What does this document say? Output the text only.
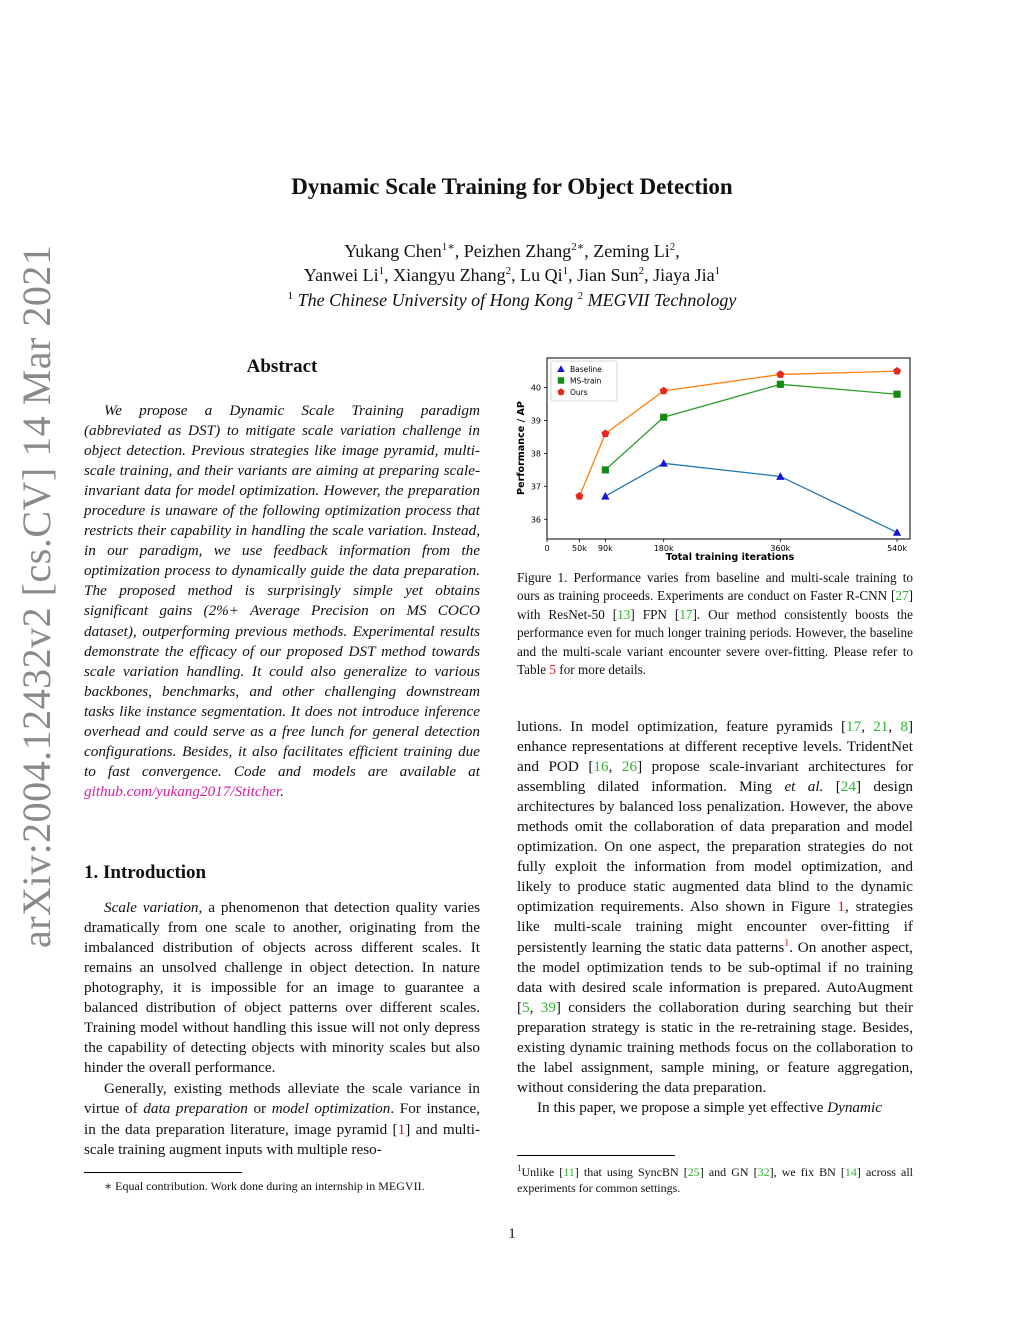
arXiv:2004.12432v2 [cs.CV] 14 Mar 2021
Dynamic Scale Training for Object Detection
Yukang Chen$^{1∗}$, Peizhen Zhang$^{2∗}$, Zeming Li$^2$,
Yanwei Li$^1$, Xiangyu Zhang$^2$, Lu Qi$^1$, Jian Sun$^2$, Jiaya Jia$^1$
$^1$ The Chinese University of Hong Kong $^2$ MEGVII Technology
Abstract

We propose a Dynamic Scale Training paradigm (abbreviated as DST) to mitigate scale variation challenge in object detection. Previous strategies like image pyramid, multi-scale training, and their variants are aiming at preparing scale-invariant data for model optimization. However, the preparation procedure is unaware of the following optimization process that restricts their capability in handling the scale variation. Instead, in our paradigm, we use feedback information from the optimization process to dynamically guide the data preparation. The proposed method is surprisingly simple yet obtains significant gains (2%+ Average Precision on MS COCO dataset), outperforming previous methods. Experimental results demonstrate the efficacy of our proposed DST method towards scale variation handling. It could also generalize to various backbones, benchmarks, and other challenging downstream tasks like instance segmentation. It does not introduce inference overhead and could serve as a free lunch for general detection configurations. Besides, it also facilitates efficient training due to fast convergence. Code and models are available at github.com/yukang2017/Stitcher.

1. Introduction

Scale variation, a phenomenon that detection quality varies dramatically from one scale to another, originating from the imbalanced distribution of objects across different scales. It remains an unsolved challenge in object detection. In nature photography, it is impossible for an image to guarantee a balanced distribution of object patterns over different scales. Training model without handling this issue will not only depress the capability of detecting objects with minority scales but also hinder the overall performance.

Generally, existing methods alleviate the scale variance in virtue of data preparation or model optimization. For instance, in the data preparation literature, image pyramid [1] and multi-scale training augment inputs with multiple reso-

∗ Equal contribution. Work done during an internship in MEGVII.
36
37
38
39
40
0	50k 90k	180k	360k	540k
Baseline
MS-train
Ours
Total training iterations
Performance / AP
Figure 1. Performance varies from baseline and multi-scale training to ours as training proceeds. Experiments are conduct on Faster R-CNN [27] with ResNet-50 [13] FPN [17]. Our method consistently boosts the performance even for much longer training periods. However, the baseline and the multi-scale variant encounter severe over-fitting. Please refer to Table 5 for more details.

lutions. In model optimization, feature pyramids [17, 21, 8] enhance representations at different receptive levels. TridentNet and POD [16, 26] propose scale-invariant architectures for assembling dilated information. Ming et al. [24] design architectures by balanced loss penalization. However, the above methods omit the collaboration of data preparation and model optimization. On one aspect, the preparation strategies do not fully exploit the information from model optimization, and likely to produce static augmented data blind to the dynamic optimization requirements. Also shown in Figure 1, strategies like multi-scale training might encounter over-fitting if persistently learning the static data patterns$^1$. On another aspect, the model optimization tends to be sub-optimal if no training data with desired scale information is prepared. AutoAugment [5, 39] considers the collaboration during searching but their preparation strategy is static in the re-retraining stage. Besides, existing dynamic training methods focus on the collaboration to the label assignment, sample mining, or feature aggregation, without considering the data preparation.

In this paper, we propose a simple yet effective Dynamic

$^1$Unlike [11] that using SyncBN [25] and GN [32], we fix BN [14] across all experiments for common settings.
1
